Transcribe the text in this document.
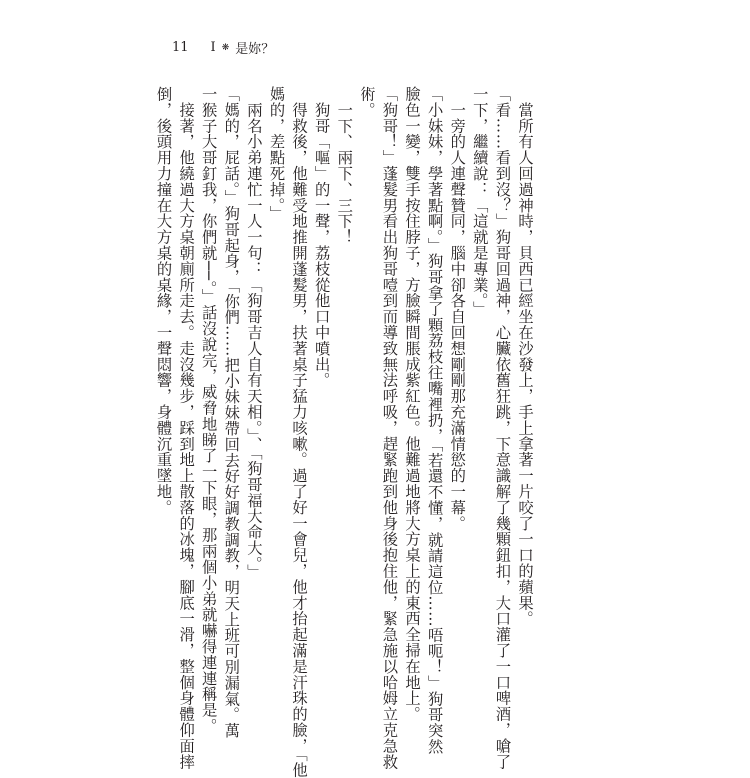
11 I ❋ 是妳？
　當所有人回過神時，貝西已經坐在沙發上，手上拿著一片咬了一口的蘋果。
「看……看到沒？」狗哥回過神，心臟依舊狂跳，下意識解了幾顆鈕扣，大口灌了一口啤酒，嗆了
一下，繼續說：「這就是專業。」
　一旁的人連聲贊同，腦中卻各自回想剛剛那充滿情慾的一幕。
「小妹妹，學著點啊。」狗哥拿了顆荔枝往嘴裡扔，「若還不懂，就請這位……唔呃！」狗哥突然
臉色一變，雙手按住脖子，方臉瞬間脹成紫紅色。他難過地將大方桌上的東西全掃在地上。
「狗哥！」蓬髮男看出狗哥噎到而導致無法呼吸，趕緊跑到他身後抱住他，緊急施以哈姆立克急救
術。
　一下、兩下、三下！
　狗哥「嘔」的一聲，荔枝從他口中噴出。
　得救後，他難受地推開蓬髮男，扶著桌子猛力咳嗽。過了好一會兒，他才抬起滿是汗珠的臉，「他
媽的，差點死掉。」
　兩名小弟連忙一人一句：「狗哥吉人自有天相。」、「狗哥福大命大。」
「媽的，屁話。」狗哥起身，「你們……把小妹妹帶回去好好調教調教，明天上班可別漏氣。萬
一猴子大哥釘我，你們就──。」話沒說完，威脅地睇了一下眼，那兩個小弟就嚇得連連稱是。
　接著，他繞過大方桌朝廁所走去。走沒幾步，踩到地上散落的冰塊，腳底一滑，整個身體仰面摔
倒，後頭用力撞在大方桌的桌緣，一聲悶響，身體沉重墜地。
